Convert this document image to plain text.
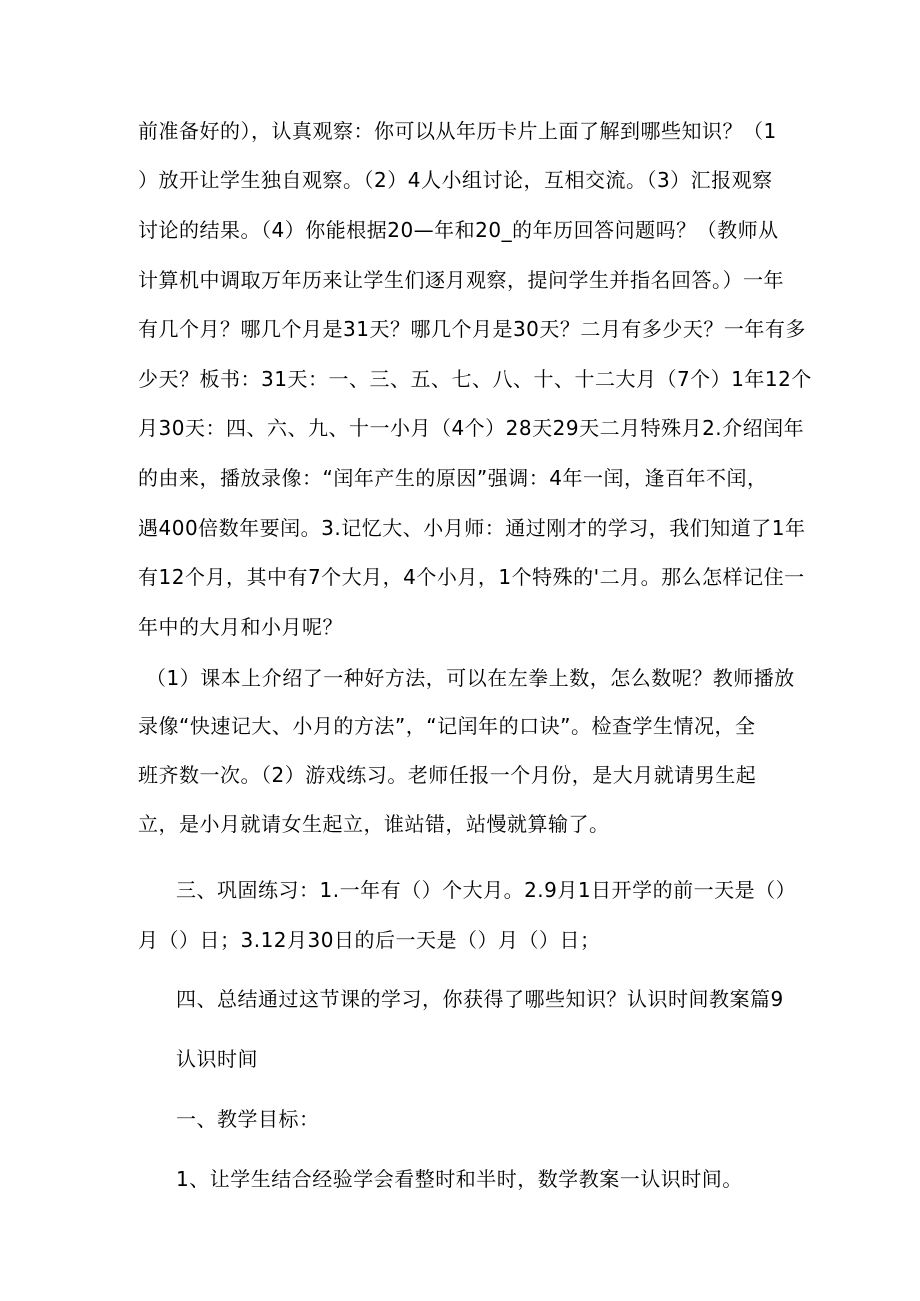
前准备好的），认真观察：你可以从年历卡片上面了解到哪些知识？（1
）放开让学生独自观察。（2）4人小组讨论，互相交流。（3）汇报观察
讨论的结果。（4）你能根据20—年和20_的年历回答问题吗？（教师从
计算机中调取万年历来让学生们逐月观察，提问学生并指名回答。）一年
有几个月？哪几个月是31天？哪几个月是30天？二月有多少天？一年有多
少天？板书：31天：一、三、五、七、八、十、十二大月（7个）1年12个
月30天：四、六、九、十一小月（4个）28天29天二月特殊月2.介绍闰年
的由来，播放录像：“闰年产生的原因”强调：4年一闰，逢百年不闰，
遇400倍数年要闰。3.记忆大、小月师：通过刚才的学习，我们知道了1年
有12个月，其中有7个大月，4个小月，1个特殊的'二月。那么怎样记住一
年中的大月和小月呢？
（1）课本上介绍了一种好方法，可以在左拳上数，怎么数呢？教师播放
录像“快速记大、小月的方法”，“记闰年的口诀”。检查学生情况，全
班齐数一次。（2）游戏练习。老师任报一个月份，是大月就请男生起
立，是小月就请女生起立，谁站错，站慢就算输了。
三、巩固练习：1.一年有（）个大月。2.9月1日开学的前一天是（）
月（）日；3.12月30日的后一天是（）月（）日；
四、总结通过这节课的学习，你获得了哪些知识？认识时间教案篇9
认识时间
一、教学目标：
1、让学生结合经验学会看整时和半时，数学教案一认识时间。
